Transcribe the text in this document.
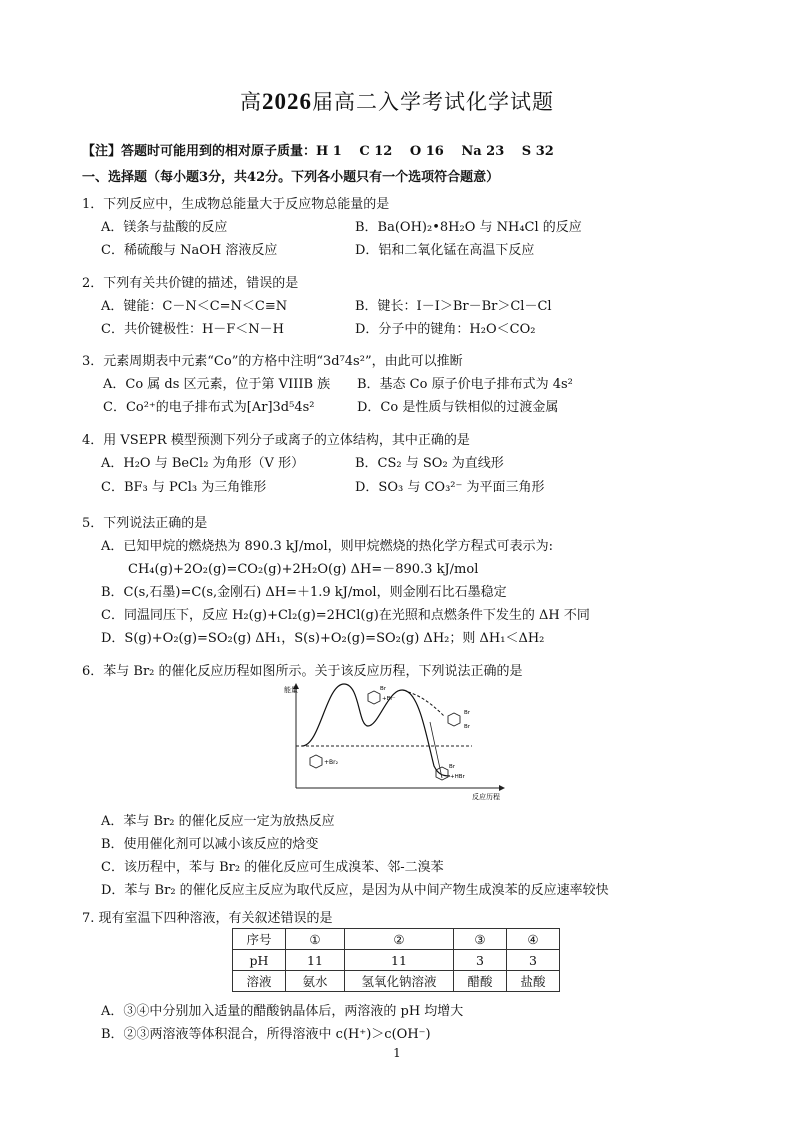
高2026届高二入学考试化学试题
【注】答题时可能用到的相对原子质量：H 1　 C 12　 O 16　 Na 23　 S 32
一、选择题（每小题3分，共42分。下列各小题只有一个选项符合题意）
1．下列反应中，生成物总能量大于反应物总能量的是
A．镁条与盐酸的反应	B．Ba(OH)₂•8H₂O 与 NH₄Cl 的反应
C．稀硫酸与 NaOH 溶液反应	D．铝和二氧化锰在高温下反应
2．下列有关共价键的描述，错误的是
A．键能：C－N＜C=N＜C≡N	B．键长：I－I＞Br－Br＞Cl－Cl
C．共价键极性：H－F＜N－H	D．分子中的键角：H₂O＜CO₂
3．元素周期表中元素“Co”的方格中注明“3d⁷4s²”，由此可以推断
A．Co 属 ds 区元素，位于第 VIIIB 族 B．基态 Co 原子价电子排布式为 4s²
C．Co²⁺的电子排布式为[Ar]3d⁵4s²	D．Co 是性质与铁相似的过渡金属
4．用 VSEPR 模型预测下列分子或离子的立体结构，其中正确的是
A．H₂O 与 BeCl₂ 为角形（V 形）	B．CS₂ 与 SO₂ 为直线形
C．BF₃ 与 PCl₃ 为三角锥形	D．SO₃ 与 CO₃²⁻ 为平面三角形
5．下列说法正确的是
A．已知甲烷的燃烧热为 890.3 kJ/mol，则甲烷燃烧的热化学方程式可表示为:
CH₄(g)+2O₂(g)=CO₂(g)+2H₂O(g) ΔH=－890.3 kJ/mol
B．C(s,石墨)=C(s,金刚石) ΔH=＋1.9 kJ/mol，则金刚石比石墨稳定
C．同温同压下，反应 H₂(g)+Cl₂(g)=2HCl(g)在光照和点燃条件下发生的 ΔH 不同
D．S(g)+O₂(g)=SO₂(g) ΔH₁，S(s)+O₂(g)=SO₂(g) ΔH₂；则 ΔH₁＜ΔH₂
6．苯与 Br₂ 的催化反应历程如图所示。关于该反应历程，下列说法正确的是
能量
反应历程
+Br₂
Br
+Br⁻
Br
Br
Br
+HBr
A．苯与 Br₂ 的催化反应一定为放热反应
B．使用催化剂可以减小该反应的焓变
C．该历程中，苯与 Br₂ 的催化反应可生成溴苯、邻-二溴苯
D．苯与 Br₂ 的催化反应主反应为取代反应，是因为从中间产物生成溴苯的反应速率较快
7. 现有室温下四种溶液，有关叙述错误的是
序号	①	②	③	④
pH	11	11	3	3
溶液	氨水	氢氧化钠溶液	醋酸	盐酸
A．③④中分别加入适量的醋酸钠晶体后，两溶液的 pH 均增大
B．②③两溶液等体积混合，所得溶液中 c(H⁺)＞c(OH⁻)
1
